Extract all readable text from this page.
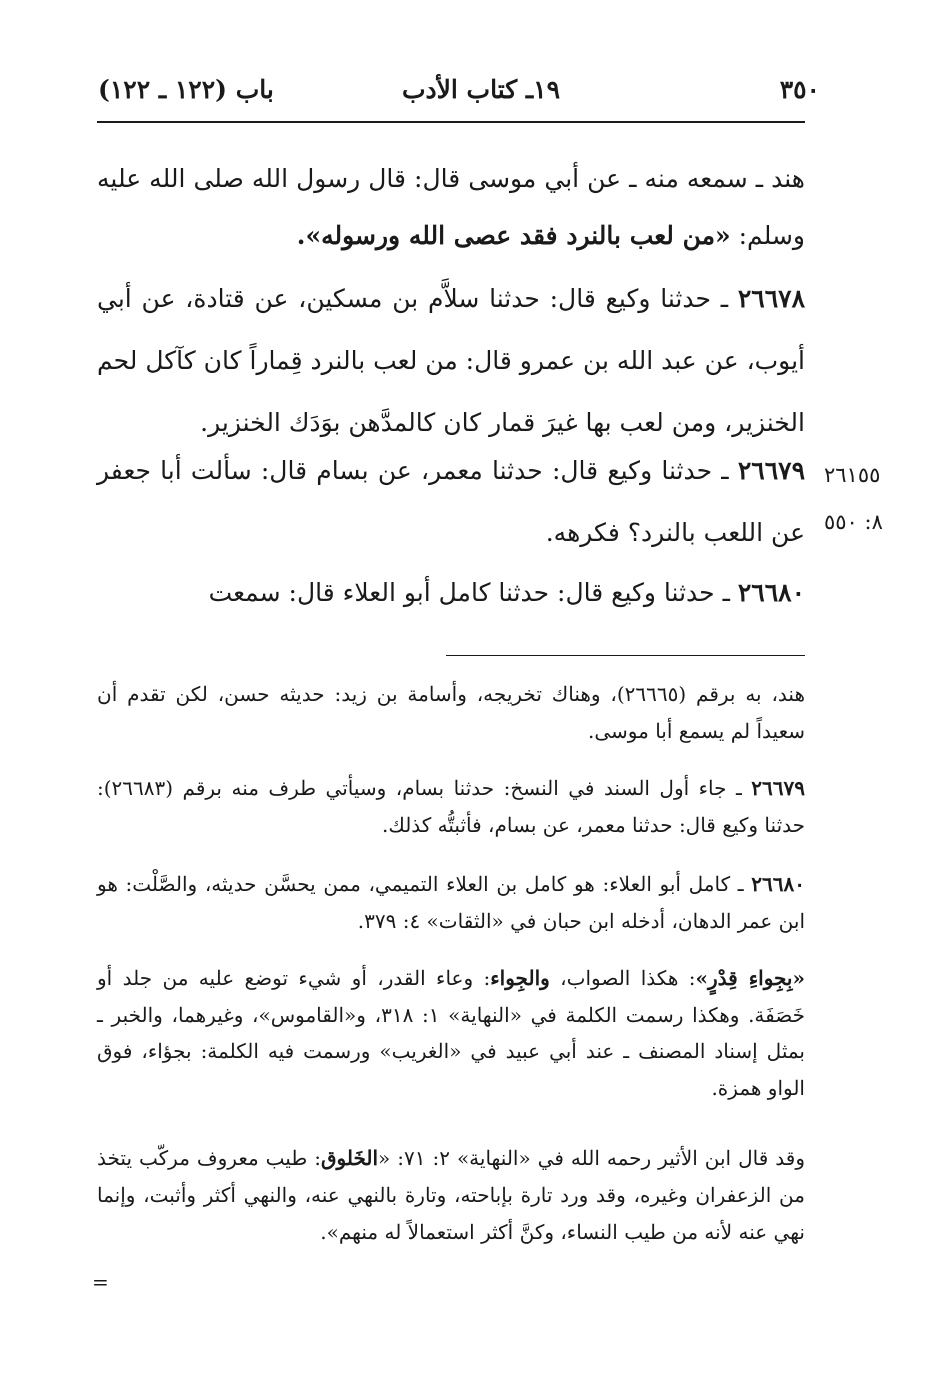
٣٥٠
١٩ـ كتاب الأدب
باب (١٢٢ ـ ١٢٢)
هند ـ سمعه منه ـ عن أبي موسى قال: قال رسول الله صلى الله عليه وسلم: «من لعب بالنرد فقد عصى الله ورسوله».
٢٦٦٧٨ ـ حدثنا وكيع قال: حدثنا سلاَّم بن مسكين، عن قتادة، عن أبي أيوب، عن عبد الله بن عمرو قال: من لعب بالنرد قِماراً كان كآكل لحم الخنزير، ومن لعب بها غيرَ قمار كان كالمدَّهن بوَدَك الخنزير.
٢٦٦٧٩ ـ حدثنا وكيع قال: حدثنا معمر، عن بسام قال: سألت أبا جعفر عن اللعب بالنرد؟ فكرهه.
٢٦١٥٥
٨: ٥٥٠
٢٦٦٨٠ ـ حدثنا وكيع قال: حدثنا كامل أبو العلاء قال: سمعت
هند، به برقم (٢٦٦٦٥)، وهناك تخريجه، وأسامة بن زيد: حديثه حسن، لكن تقدم أن سعيداً لم يسمع أبا موسى.
٢٦٦٧٩ ـ جاء أول السند في النسخ: حدثنا بسام، وسيأتي طرف منه برقم (٢٦٦٨٣): حدثنا وكيع قال: حدثنا معمر، عن بسام، فأثبتُّه كذلك.
٢٦٦٨٠ ـ كامل أبو العلاء: هو كامل بن العلاء التميمي، ممن يحسَّن حديثه، والصَّلْت: هو ابن عمر الدهان، أدخله ابن حبان في «الثقات» ٤: ٣٧٩.
«بِجِواءِ قِدْرٍ»: هكذا الصواب، والجِواء: وعاء القدر، أو شيء توضع عليه من جلد أو خَصَفَة. وهكذا رسمت الكلمة في «النهاية» ١: ٣١٨، و«القاموس»، وغيرهما، والخبر ـ بمثل إسناد المصنف ـ عند أبي عبيد في «الغريب» ورسمت فيه الكلمة: بجؤاء، فوق الواو همزة.
وقد قال ابن الأثير رحمه الله في «النهاية» ٢: ٧١: «الخَلوق: طيب معروف مركّب يتخذ من الزعفران وغيره، وقد ورد تارة بإباحته، وتارة بالنهي عنه، والنهي أكثر وأثبت، وإنما نهي عنه لأنه من طيب النساء، وكنَّ أكثر استعمالاً له منهم».
=
